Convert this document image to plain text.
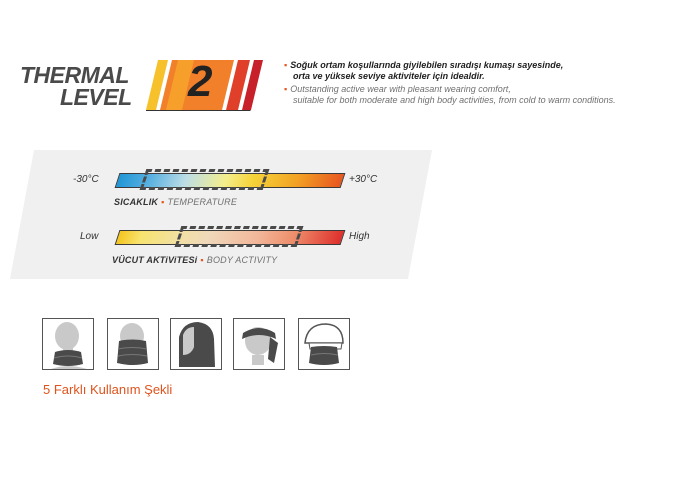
THERMAL
LEVEL 2	▪ Soğuk ortam koşullarında giyilebilen sıradışı kumaşı sayesinde,
orta ve yüksek seviye aktiviteler için idealdir.
▪ Outstanding active wear with pleasant wearing comfort,
suitable for both moderate and high body activities, from cold to warm conditions.
-30°C	+30°C
SICAKLIK ▪ TEMPERATURE
Low	High
VÜCUT AKTiViTESi ▪ BODY ACTIVITY
5 Farklı Kullanım Şekli
